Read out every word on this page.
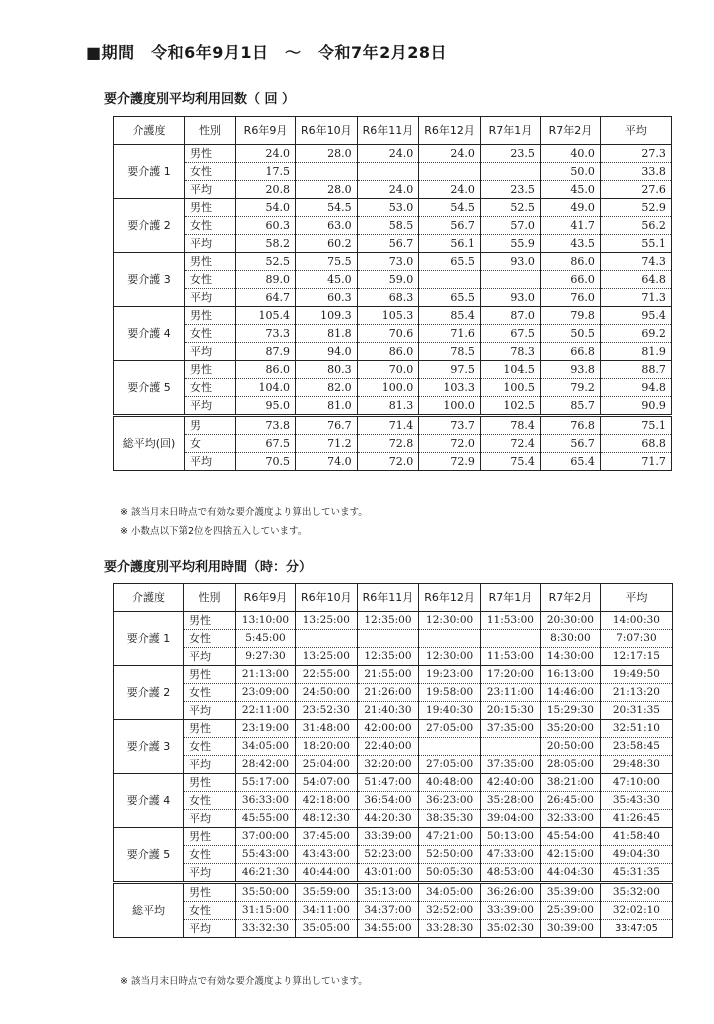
■期間　令和6年9月1日　～　令和7年2月28日
要介護度別平均利用回数（ 回 ）
介護度	性別	R6年9月	R6年10月	R6年11月	R6年12月	R7年1月	R7年2月	平均
要介護 1	男性	24.0	28.0	24.0	24.0	23.5	40.0	27.3
	女性	17.5					50.0	33.8
	平均	20.8	28.0	24.0	24.0	23.5	45.0	27.6
要介護 2	男性	54.0	54.5	53.0	54.5	52.5	49.0	52.9
	女性	60.3	63.0	58.5	56.7	57.0	41.7	56.2
	平均	58.2	60.2	56.7	56.1	55.9	43.5	55.1
要介護 3	男性	52.5	75.5	73.0	65.5	93.0	86.0	74.3
	女性	89.0	45.0	59.0			66.0	64.8
	平均	64.7	60.3	68.3	65.5	93.0	76.0	71.3
要介護 4	男性	105.4	109.3	105.3	85.4	87.0	79.8	95.4
	女性	73.3	81.8	70.6	71.6	67.5	50.5	69.2
	平均	87.9	94.0	86.0	78.5	78.3	66.8	81.9
要介護 5	男性	86.0	80.3	70.0	97.5	104.5	93.8	88.7
	女性	104.0	82.0	100.0	103.3	100.5	79.2	94.8
	平均	95.0	81.0	81.3	100.0	102.5	85.7	90.9
総平均(回)	男	73.8	76.7	71.4	73.7	78.4	76.8	75.1
	女	67.5	71.2	72.8	72.0	72.4	56.7	68.8
	平均	70.5	74.0	72.0	72.9	75.4	65.4	71.7
※ 該当月末日時点で有効な要介護度より算出しています。
※ 小数点以下第2位を四捨五入しています。
要介護度別平均利用時間（時：分）
介護度	性別	R6年9月	R6年10月	R6年11月	R6年12月	R7年1月	R7年2月	平均
要介護 1	男性	13:10:00	13:25:00	12:35:00	12:30:00	11:53:00	20:30:00	14:00:30
	女性	5:45:00					8:30:00	7:07:30
	平均	9:27:30	13:25:00	12:35:00	12:30:00	11:53:00	14:30:00	12:17:15
要介護 2	男性	21:13:00	22:55:00	21:55:00	19:23:00	17:20:00	16:13:00	19:49:50
	女性	23:09:00	24:50:00	21:26:00	19:58:00	23:11:00	14:46:00	21:13:20
	平均	22:11:00	23:52:30	21:40:30	19:40:30	20:15:30	15:29:30	20:31:35
要介護 3	男性	23:19:00	31:48:00	42:00:00	27:05:00	37:35:00	35:20:00	32:51:10
	女性	34:05:00	18:20:00	22:40:00			20:50:00	23:58:45
	平均	28:42:00	25:04:00	32:20:00	27:05:00	37:35:00	28:05:00	29:48:30
要介護 4	男性	55:17:00	54:07:00	51:47:00	40:48:00	42:40:00	38:21:00	47:10:00
	女性	36:33:00	42:18:00	36:54:00	36:23:00	35:28:00	26:45:00	35:43:30
	平均	45:55:00	48:12:30	44:20:30	38:35:30	39:04:00	32:33:00	41:26:45
要介護 5	男性	37:00:00	37:45:00	33:39:00	47:21:00	50:13:00	45:54:00	41:58:40
	女性	55:43:00	43:43:00	52:23:00	52:50:00	47:33:00	42:15:00	49:04:30
	平均	46:21:30	40:44:00	43:01:00	50:05:30	48:53:00	44:04:30	45:31:35
総平均	男性	35:50:00	35:59:00	35:13:00	34:05:00	36:26:00	35:39:00	35:32:00
	女性	31:15:00	34:11:00	34:37:00	32:52:00	33:39:00	25:39:00	32:02:10
	平均	33:32:30	35:05:00	34:55:00	33:28:30	35:02:30	30:39:00	33:47:05
※ 該当月末日時点で有効な要介護度より算出しています。
